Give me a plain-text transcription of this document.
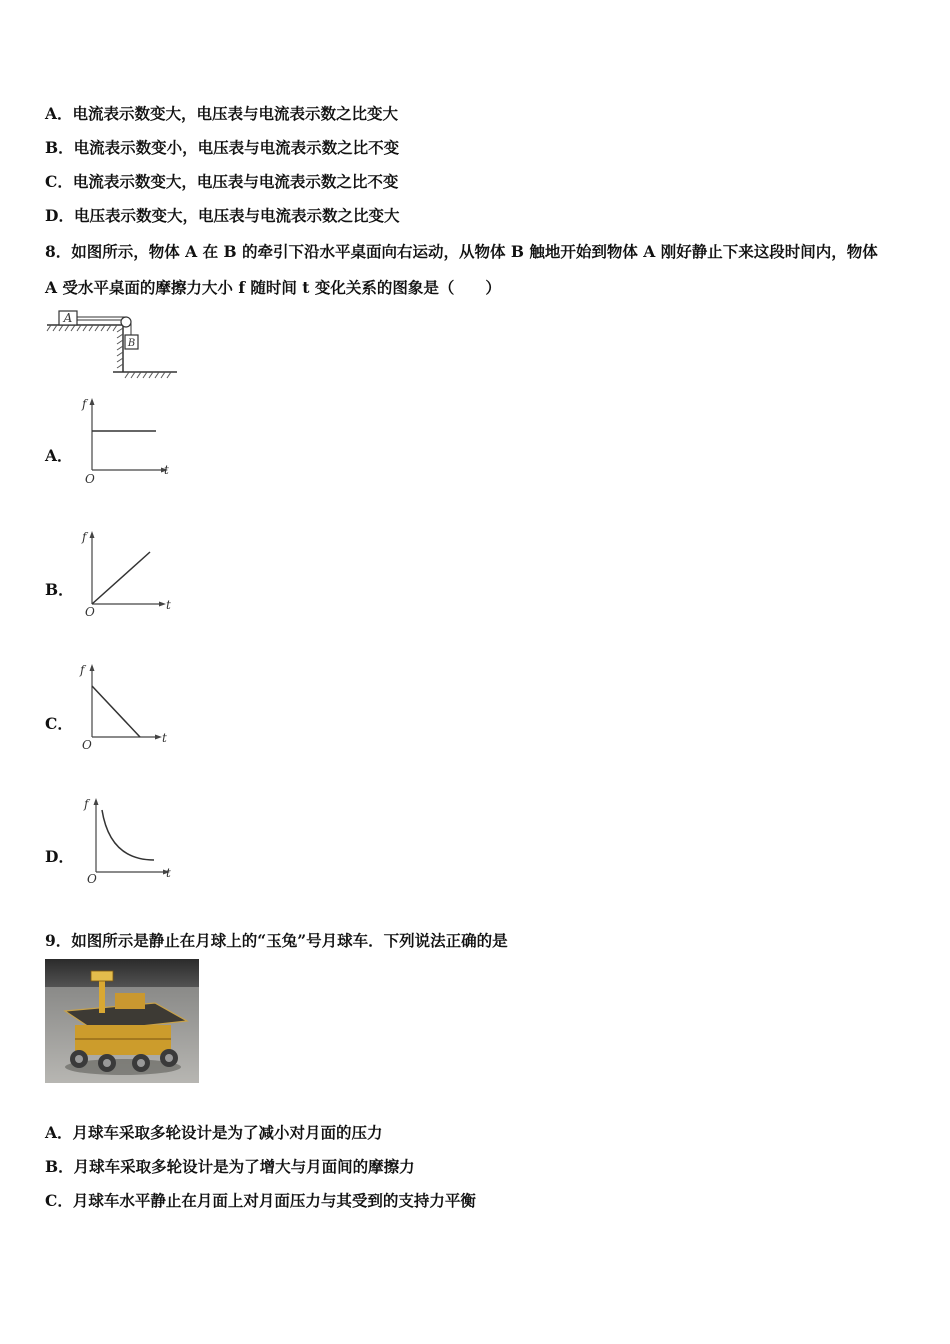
A．电流表示数变大，电压表与电流表示数之比变大
B．电流表示数变小，电压表与电流表示数之比不变
C．电流表示数变大，电压表与电流表示数之比不变
D．电压表示数变大，电压表与电流表示数之比变大
8．如图所示，物体 A 在 B 的牵引下沿水平桌面向右运动，从物体 B 触地开始到物体 A 刚好静止下来这段时间内，物体
A 受水平桌面的摩擦力大小 f 随时间 t 变化关系的图象是（　　）
A
B
A．
f
t
O
B．
f
t
O
C．
f
t
O
D．
f
t
O
9．如图所示是静止在月球上的“玉兔”号月球车．下列说法正确的是
A．月球车采取多轮设计是为了减小对月面的压力
B．月球车采取多轮设计是为了增大与月面间的摩擦力
C．月球车水平静止在月面上对月面压力与其受到的支持力平衡
